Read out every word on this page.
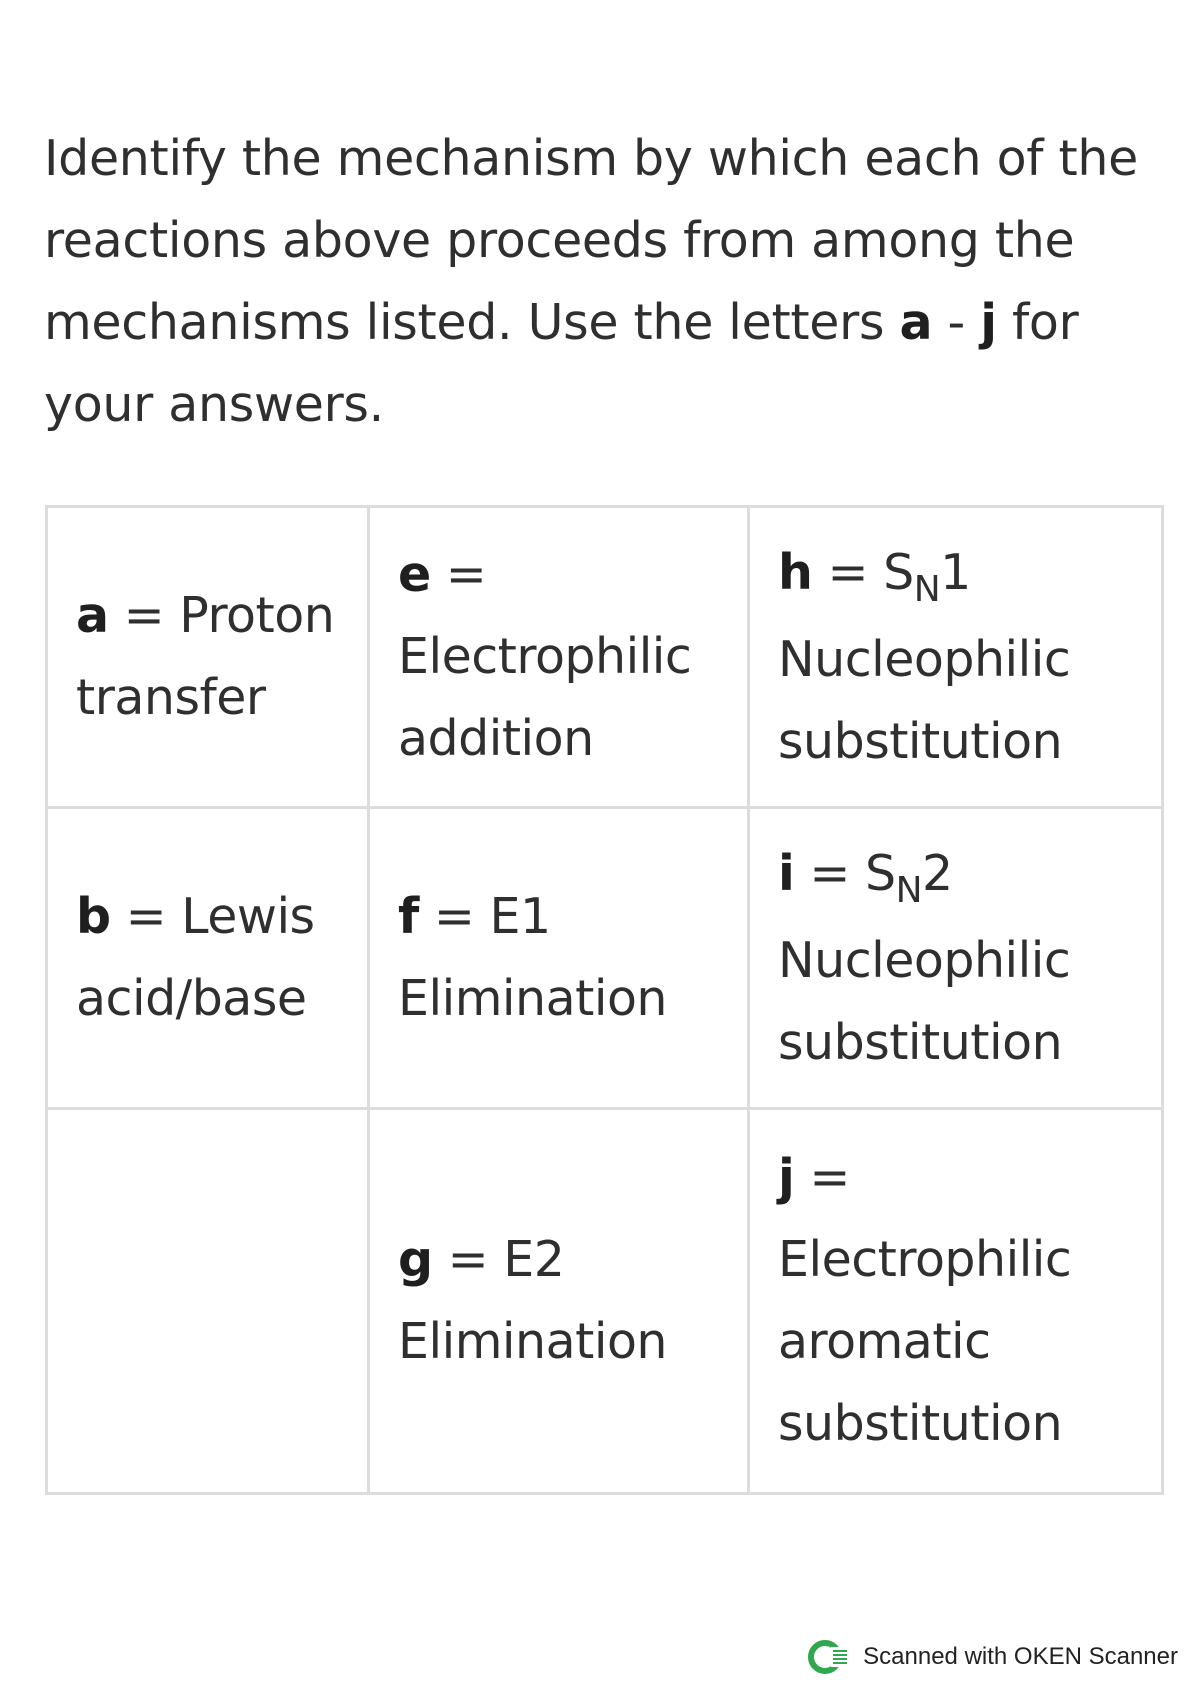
Identify the mechanism by which each of the reactions above proceeds from among the mechanisms listed. Use the letters a - j for your answers.

a = Proton
transfer	e =
Electrophilic
addition	$h = S_N1$
Nucleophilic
substitution

b = Lewis
acid/base	f = E1
Elimination	$i = S_N2$
Nucleophilic
substitution

	g = E2
Elimination	j =
Electrophilic
aromatic
substitution
Scanned with OKEN Scanner
